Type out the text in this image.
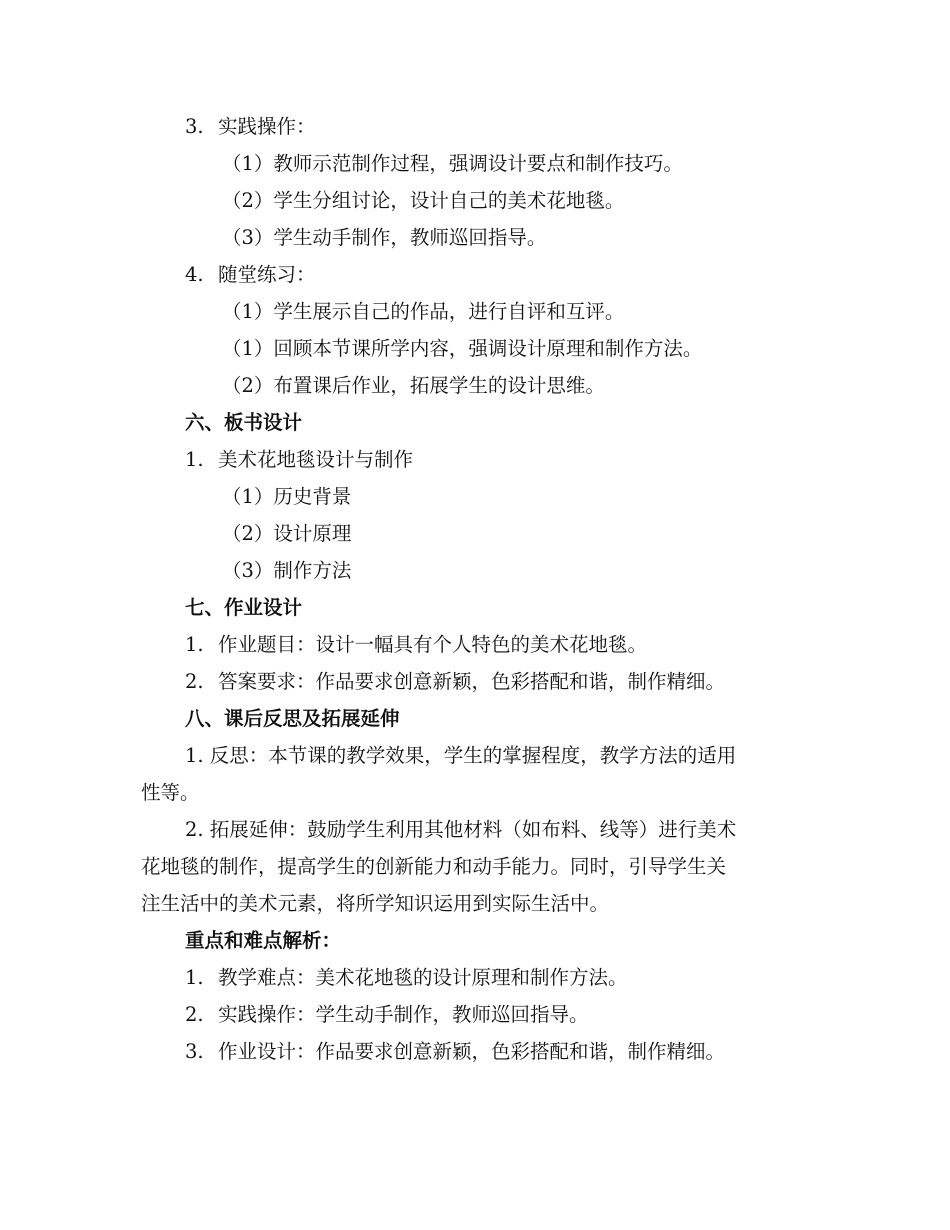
3. 实践操作：
（1）教师示范制作过程，强调设计要点和制作技巧。
（2）学生分组讨论，设计自己的美术花地毯。
（3）学生动手制作，教师巡回指导。
4. 随堂练习：
（1）学生展示自己的作品，进行自评和互评。
（1）回顾本节课所学内容，强调设计原理和制作方法。
（2）布置课后作业，拓展学生的设计思维。
六、板书设计
1. 美术花地毯设计与制作
（1）历史背景
（2）设计原理
（3）制作方法
七、作业设计
1. 作业题目：设计一幅具有个人特色的美术花地毯。
2. 答案要求：作品要求创意新颖，色彩搭配和谐，制作精细。
八、课后反思及拓展延伸
1. 反思：本节课的教学效果，学生的掌握程度，教学方法的适用
性等。
2. 拓展延伸：鼓励学生利用其他材料（如布料、线等）进行美术
花地毯的制作，提高学生的创新能力和动手能力。同时，引导学生关
注生活中的美术元素，将所学知识运用到实际生活中。
重点和难点解析：
1. 教学难点：美术花地毯的设计原理和制作方法。
2. 实践操作：学生动手制作，教师巡回指导。
3. 作业设计：作品要求创意新颖，色彩搭配和谐，制作精细。
